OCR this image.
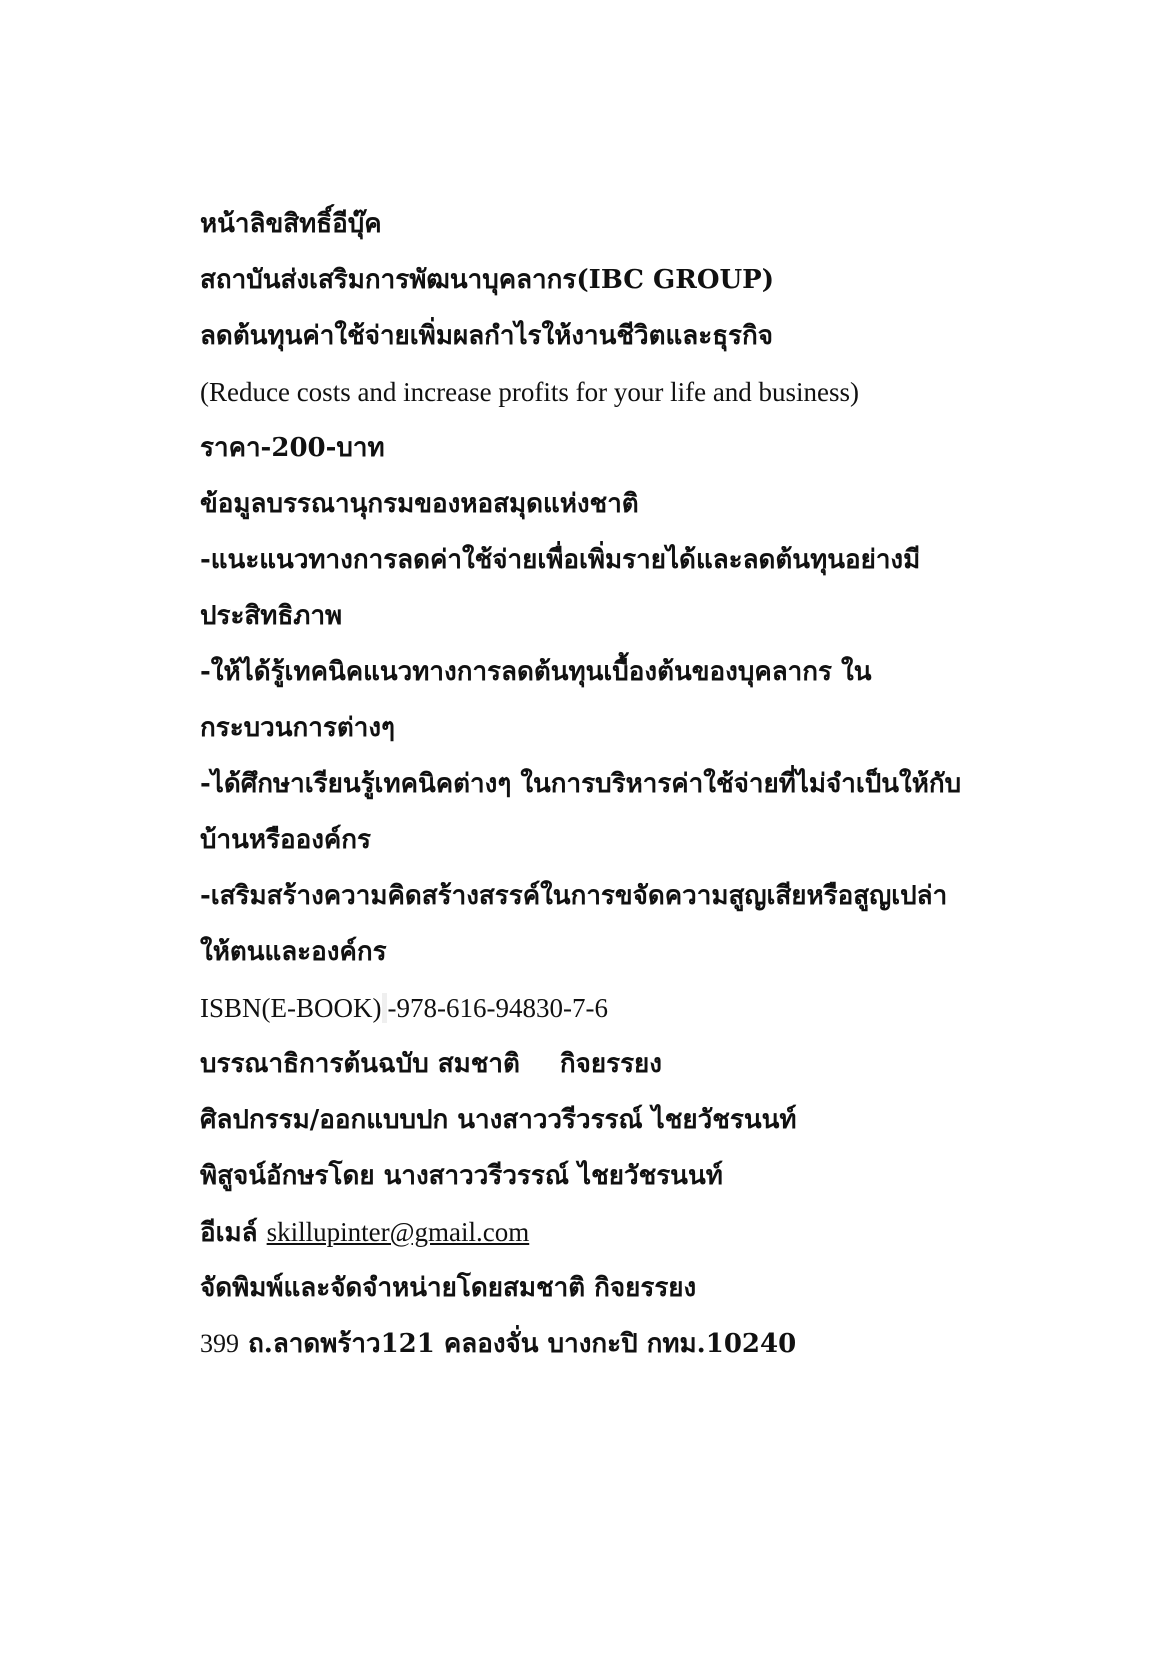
หน้าลิขสิทธิ์อีบุ๊ค

สถาบันส่งเสริมการพัฒนาบุคลากร(IBC GROUP)

ลดต้นทุนค่าใช้จ่ายเพิ่มผลกำไรให้งานชีวิตและธุรกิจ

(Reduce costs and increase profits for your life and business)

ราคา-200-บาท

ข้อมูลบรรณานุกรมของหอสมุดแห่งชาติ

-แนะแนวทางการลดค่าใช้จ่ายเพื่อเพิ่มรายได้และลดต้นทุนอย่างมี

ประสิทธิภาพ

-ให้ได้รู้เทคนิคแนวทางการลดต้นทุนเบื้องต้นของบุคลากร ใน

กระบวนการต่างๆ

-ได้ศึกษาเรียนรู้เทคนิคต่างๆ ในการบริหารค่าใช้จ่ายที่ไม่จำเป็นให้กับ

บ้านหรือองค์กร

-เสริมสร้างความคิดสร้างสรรค์ในการขจัดความสูญเสียหรือสูญเปล่า

ให้ตนและองค์กร

ISBN(E-BOOK) -978-616-94830-7-6

บรรณาธิการต้นฉบับ สมชาติ กิจยรรยง

ศิลปกรรม/ออกแบบปก นางสาววรีวรรณ์ ไชยวัชรนนท์

พิสูจน์อักษรโดย นางสาววรีวรรณ์ ไชยวัชรนนท์

อีเมล์ skillupinter@gmail.com

จัดพิมพ์และจัดจำหน่ายโดยสมชาติ กิจยรรยง

399 ถ.ลาดพร้าว121 คลองจั่น บางกะปิ กทม.10240
